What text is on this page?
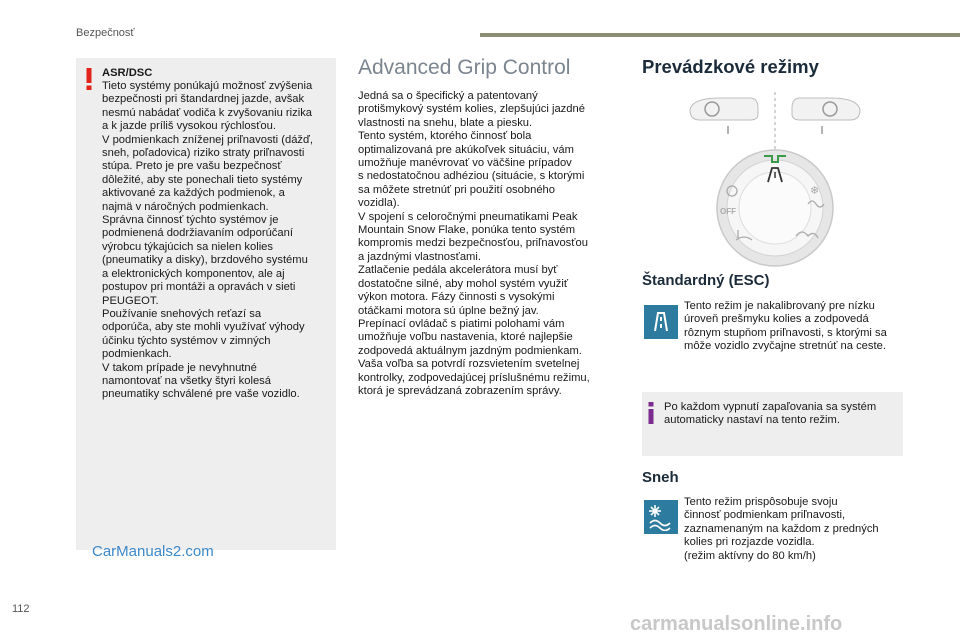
Bezpečnosť
ASR/DSC
Tieto systémy ponúkajú možnosť zvýšenia
bezpečnosti pri štandardnej jazde, avšak
nesmú nabádať vodiča k zvyšovaniu rizika
a k jazde príliš vysokou rýchlosťou.
V podmienkach zníženej priľnavosti (dážď,
sneh, poľadovica) riziko straty priľnavosti
stúpa. Preto je pre vašu bezpečnosť
dôležité, aby ste ponechali tieto systémy
aktivované za každých podmienok, a
najmä v náročných podmienkach.
Správna činnosť týchto systémov je
podmienená dodržiavaním odporúčaní
výrobcu týkajúcich sa nielen kolies
(pneumatiky a disky), brzdového systému
a elektronických komponentov, ale aj
postupov pri montáži a opravách v sieti
PEUGEOT.
Používanie snehových reťazí sa
odporúča, aby ste mohli využívať výhody
účinku týchto systémov v zimných
podmienkach.
V takom prípade je nevyhnutné
namontovať na všetky štyri kolesá
pneumatiky schválené pre vaše vozidlo.
Advanced Grip Control
Jedná sa o špecifický a patentovaný
protišmykový systém kolies, zlepšujúci jazdné
vlastnosti na snehu, blate a piesku.
Tento systém, ktorého činnosť bola
optimalizovaná pre akúkoľvek situáciu, vám
umožňuje manévrovať vo väčšine prípadov
s nedostatočnou adhéziou (situácie, s ktorými
sa môžete stretnúť pri použití osobného
vozidla).
V spojení s celoročnými pneumatikami Peak
Mountain Snow Flake, ponúka tento systém
kompromis medzi bezpečnosťou, priľnavosťou
a jazdnými vlastnosťami.
Zatlačenie pedála akcelerátora musí byť
dostatočne silné, aby mohol systém využiť
výkon motora. Fázy činnosti s vysokými
otáčkami motora sú úplne bežný jav.
Prepínací ovládač s piatimi polohami vám
umožňuje voľbu nastavenia, ktoré najlepšie
zodpovedá aktuálnym jazdným podmienkam.
Vaša voľba sa potvrdí rozsvietením svetelnej
kontrolky, zodpovedajúcej príslušnému režimu,
ktorá je sprevádzaná zobrazením správy.
Prevádzkové režimy
OFF
❄
Štandardný (ESC)
Tento režim je nakalibrovaný pre nízku úroveň prešmyku kolies a zodpovedá rôznym stupňom priľnavosti, s ktorými sa môže vozidlo zvyčajne stretnúť na ceste.
Po každom vypnutí zapaľovania sa systém automaticky nastaví na tento režim.
Sneh
Tento režim prispôsobuje svoju
činnosť podmienkam priľnavosti,
zaznamenaným na každom z predných
kolies pri rozjazde vozidla.
(režim aktívny do 80 km/h)
CarManuals2.com
carmanualsonline.info
112
